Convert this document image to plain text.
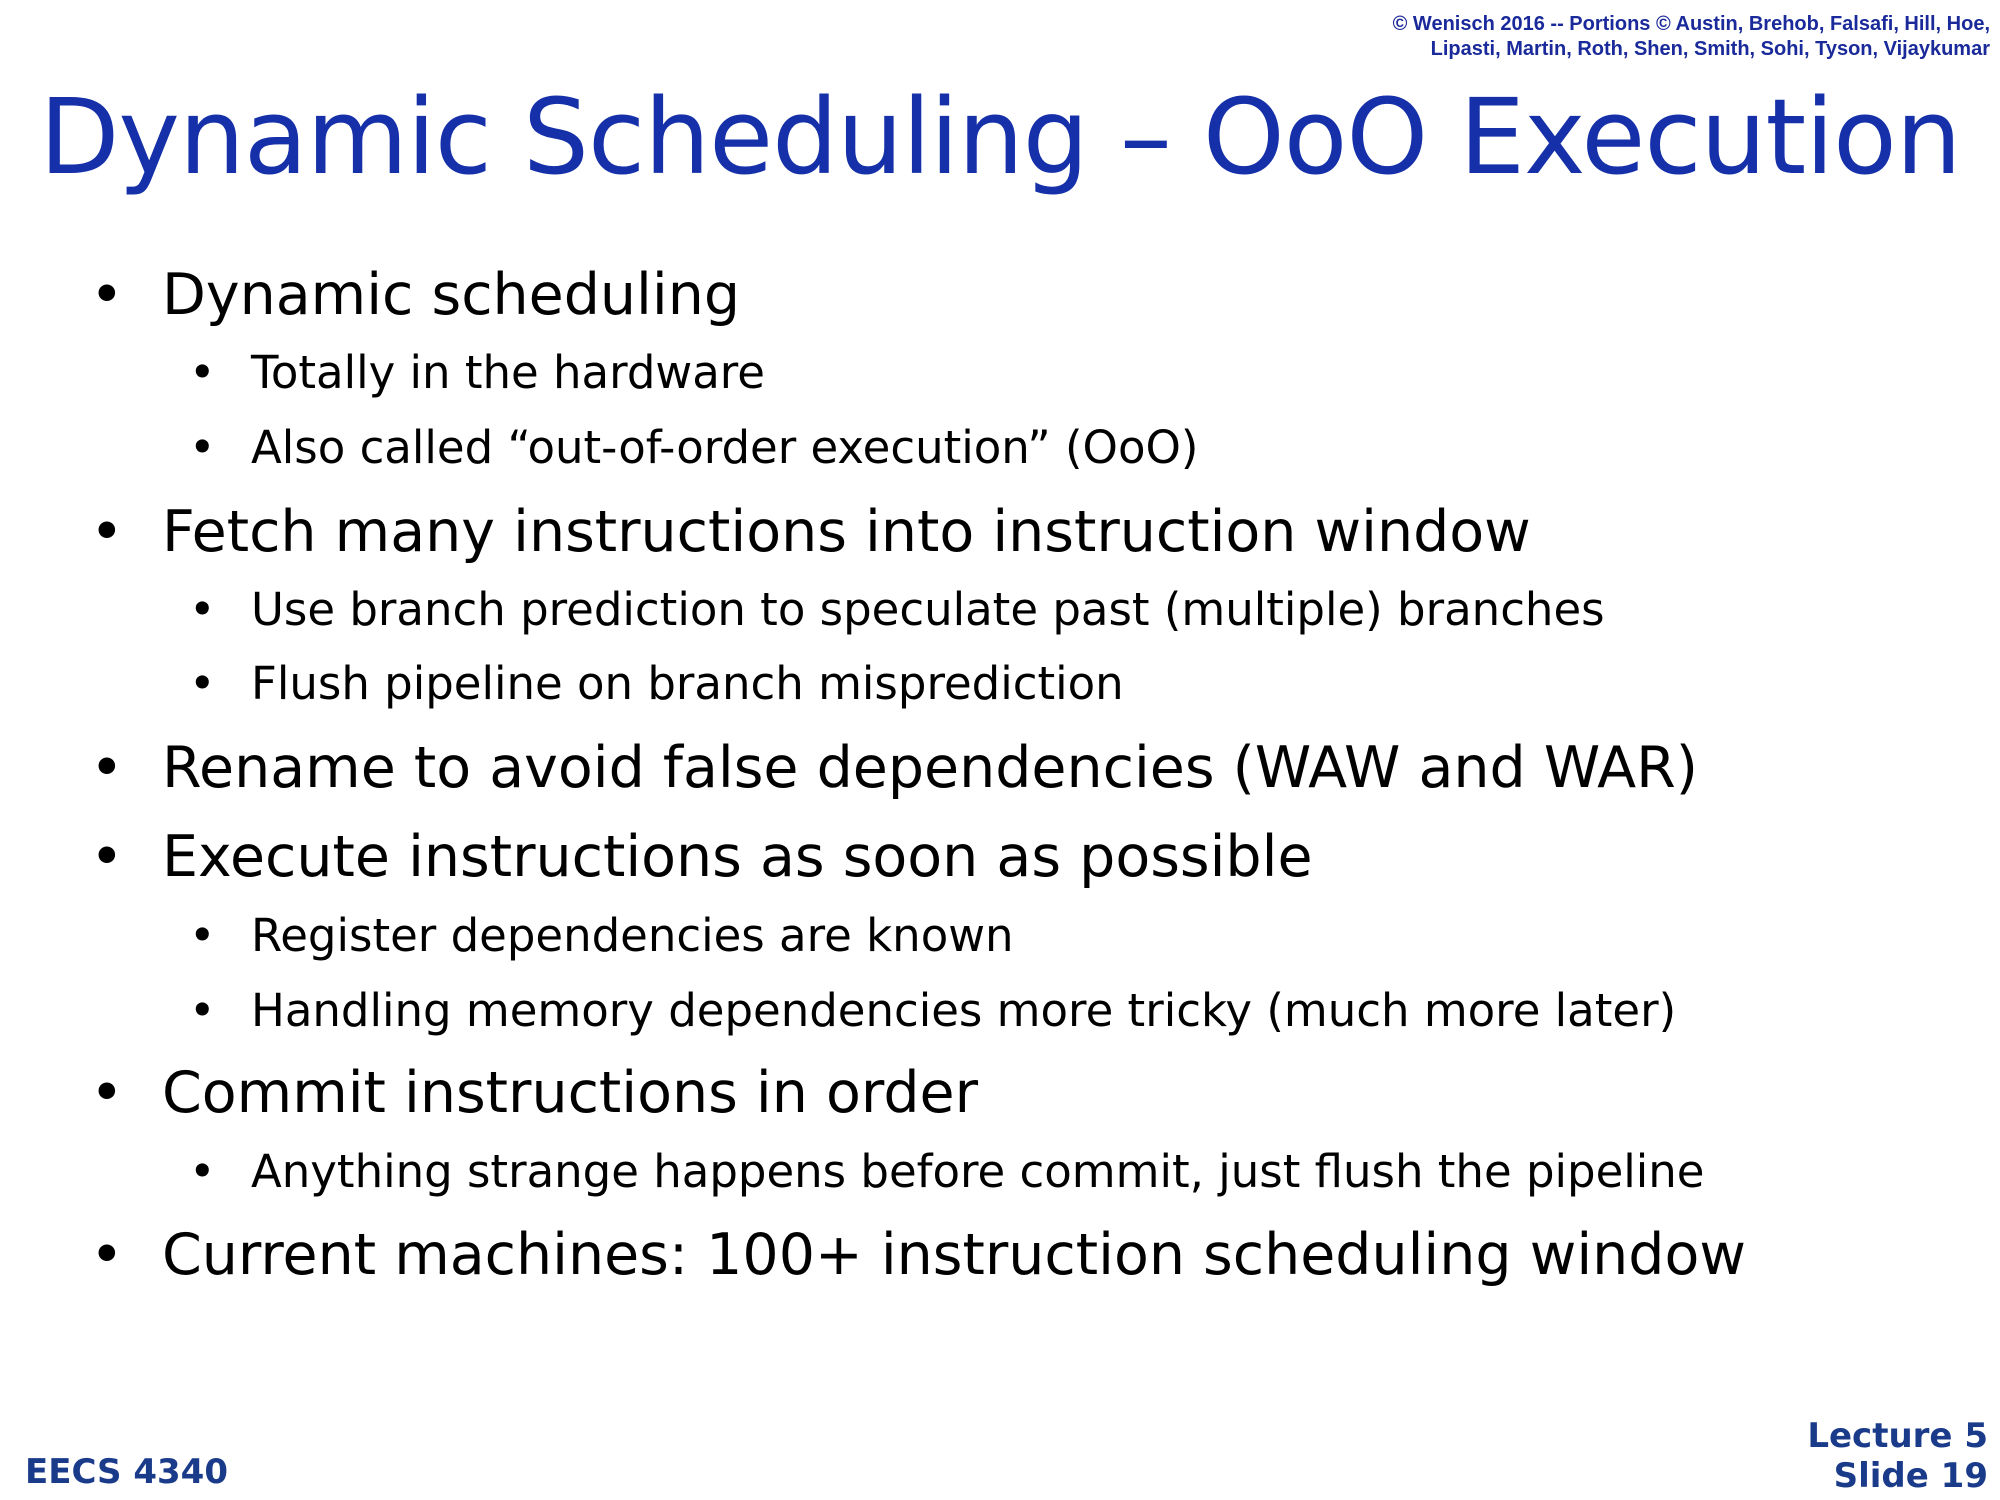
© Wenisch 2016 -- Portions © Austin, Brehob, Falsafi, Hill, Hoe,
Lipasti, Martin, Roth, Shen, Smith, Sohi, Tyson, Vijaykumar
Dynamic Scheduling – OoO Execution
• Dynamic scheduling
• Totally in the hardware
• Also called “out-of-order execution” (OoO)
• Fetch many instructions into instruction window
• Use branch prediction to speculate past (multiple) branches
• Flush pipeline on branch misprediction
• Rename to avoid false dependencies (WAW and WAR)
• Execute instructions as soon as possible
• Register dependencies are known
• Handling memory dependencies more tricky (much more later)
• Commit instructions in order
• Anything strange happens before commit, just flush the pipeline
• Current machines: 100+ instruction scheduling window
EECS 4340
Lecture 5
Slide 19
